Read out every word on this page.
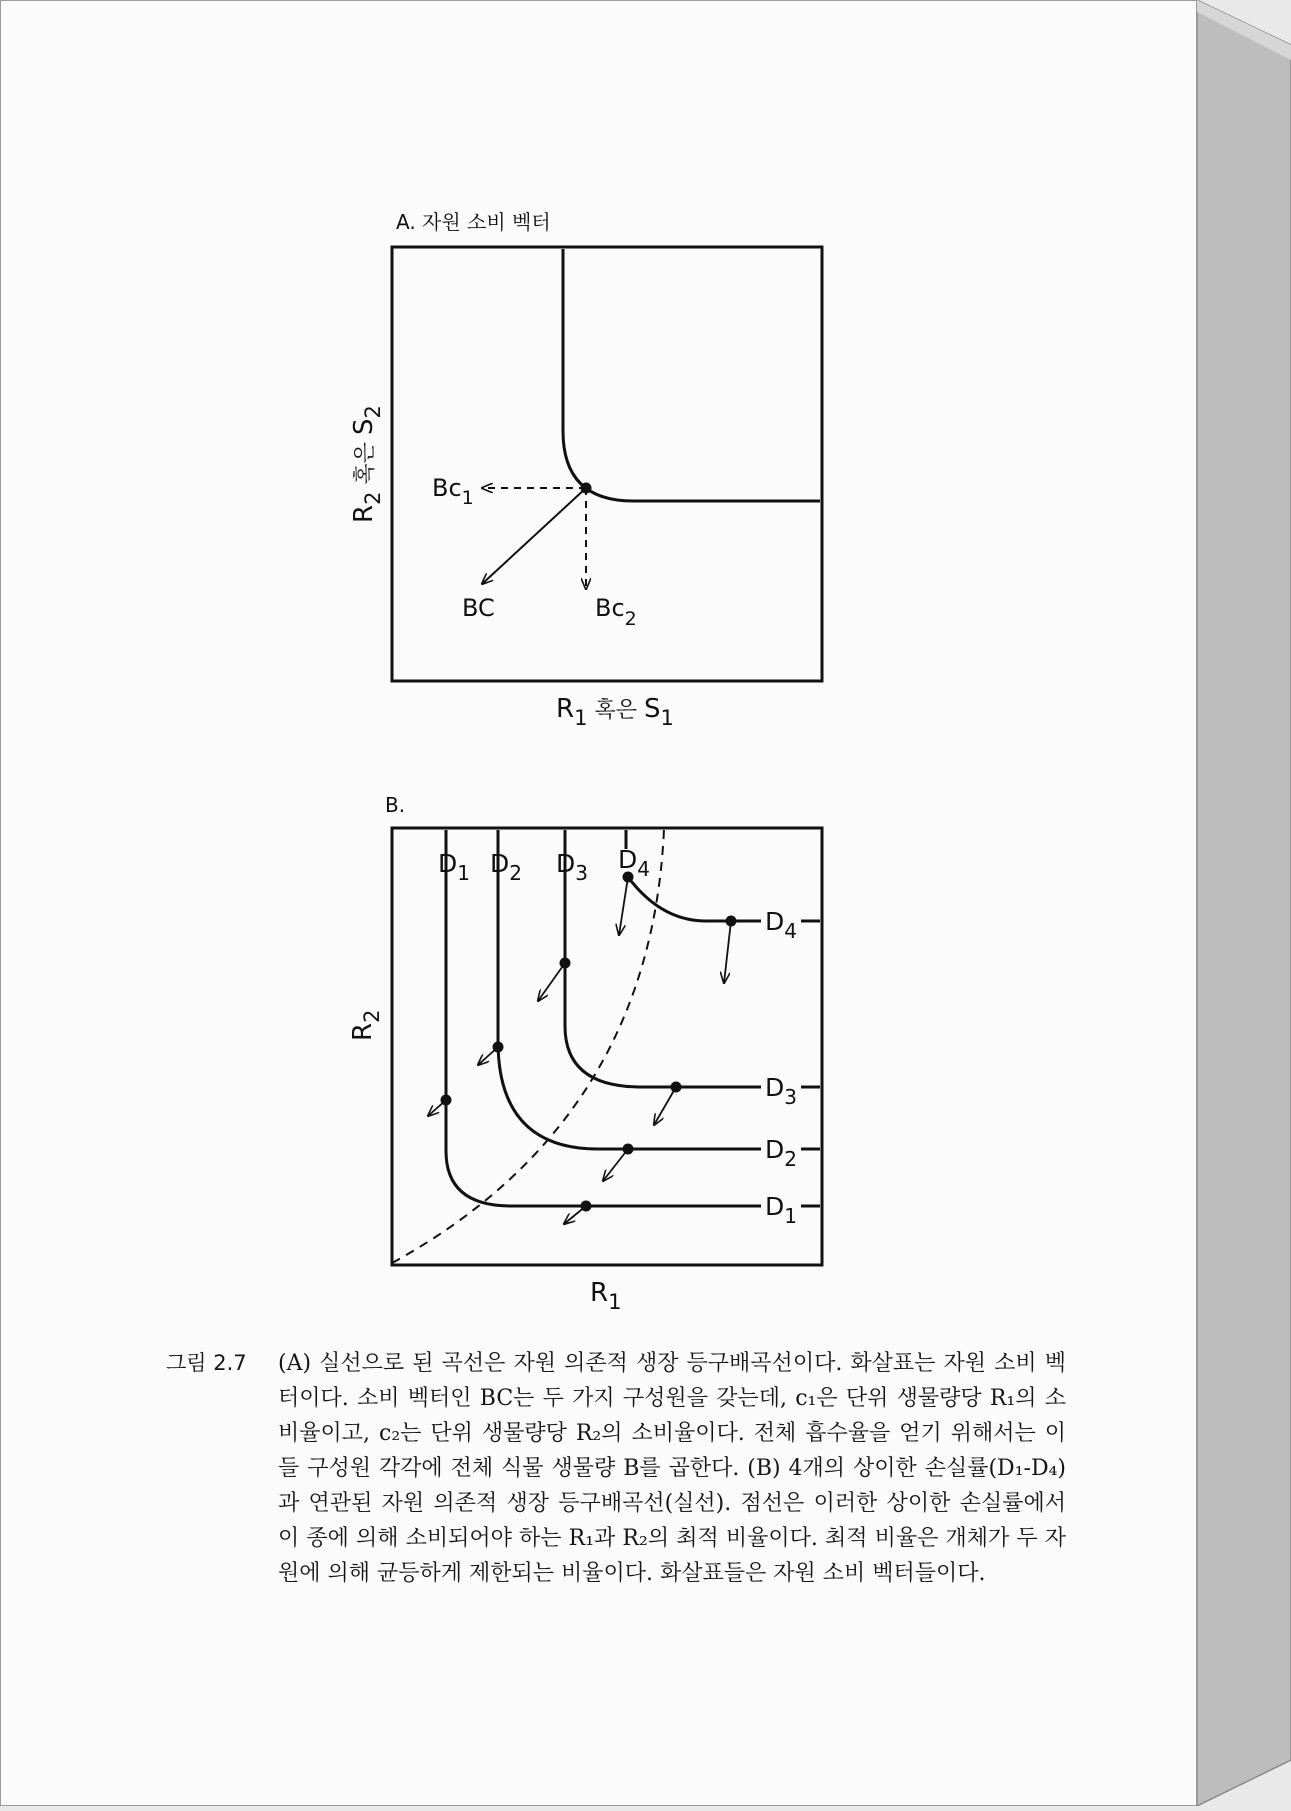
A. 자원 소비 벡터
$Bc_1$
BC	$Bc_2$
$R_1$ $^{혹은}$ $S_1$
$R_2$ $^{혹은}$ $S_2$
B.
$D_1$ $D_2$ $D_3$ $D_4$
$D_1$
$D_2$
$D_3$
$D_4$
$R_1$
$R_2$
그림 2.7 (A) 실선으로 된 곡선은 자원 의존적 생장 등구배곡선이다. 화살표는 자원 소비 벡터이다. 소비 벡터인 BC는 두 가지 구성원을 갖는데, c₁은 단위 생물량당 R₁의 소비율이고, c₂는 단위 생물량당 R₂의 소비율이다. 전체 흡수율을 얻기 위해서는 이들 구성원 각각에 전체 식물 생물량 B를 곱한다. (B) 4개의 상이한 손실률(D₁-D₄)과 연관된 자원 의존적 생장 등구배곡선(실선). 점선은 이러한 상이한 손실률에서 이 종에 의해 소비되어야 하는 R₁과 R₂의 최적 비율이다. 최적 비율은 개체가 두 자원에 의해 균등하게 제한되는 비율이다. 화살표들은 자원 소비 벡터들이다.
